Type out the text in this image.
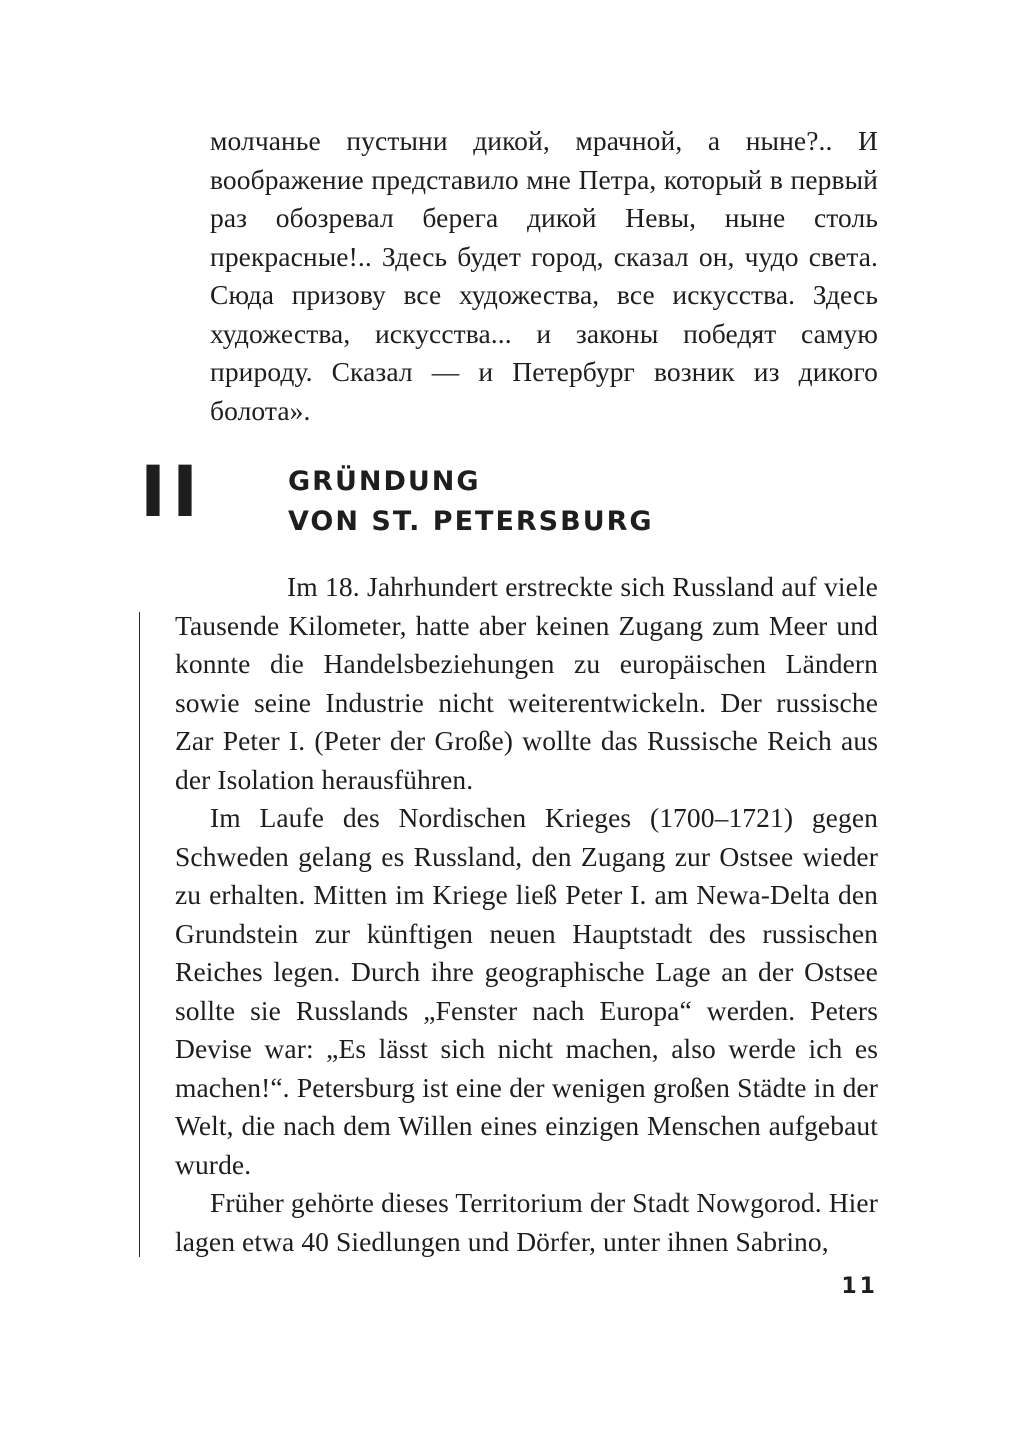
молчанье пустыни дикой, мрачной, а ныне?.. И воображение представило мне Петра, который в первый раз обозревал берега дикой Невы, ныне столь прекрасные!.. Здесь будет город, сказал он, чудо света. Сюда призову все художества, все искусства. Здесь художества, искусства... и законы победят самую природу. Сказал — и Петербург возник из дикого болота».

II	GRÜNDUNG
VON ST. PETERSBURG

Im 18. Jahrhundert erstreckte sich Russland auf viele Tausende Kilometer, hatte aber keinen Zugang zum Meer und konnte die Handelsbeziehungen zu europäischen Ländern sowie seine Industrie nicht weiterentwickeln. Der russische Zar Peter I. (Peter der Große) wollte das Russische Reich aus der Isolation herausführen.

Im Laufe des Nordischen Krieges (1700–1721) gegen Schweden gelang es Russland, den Zugang zur Ostsee wieder zu erhalten. Mitten im Kriege ließ Peter I. am Newa-Delta den Grundstein zur künftigen neuen Hauptstadt des russischen Reiches legen. Durch ihre geographische Lage an der Ostsee sollte sie Russlands „Fenster nach Europa“ werden. Peters Devise war: „Es lässt sich nicht machen, also werde ich es machen!“. Petersburg ist eine der wenigen großen Städte in der Welt, die nach dem Willen eines einzigen Menschen aufgebaut wurde.

Früher gehörte dieses Territorium der Stadt Nowgorod. Hier lagen etwa 40 Siedlungen und Dörfer, unter ihnen Sabrino,

11
